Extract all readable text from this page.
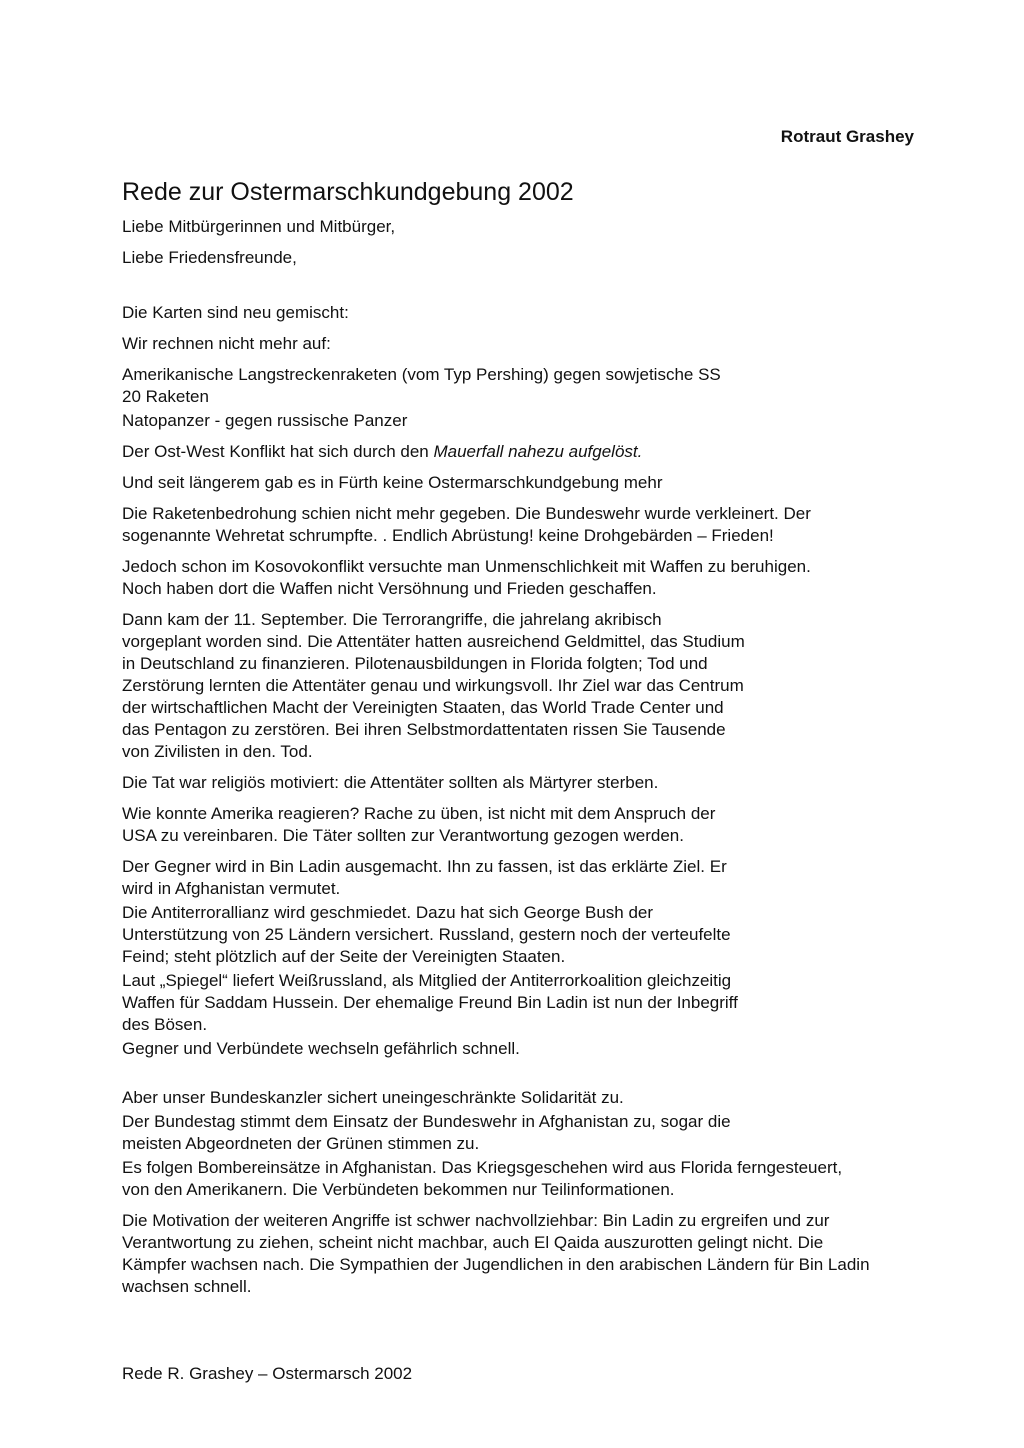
Rotraut Grashey

Rede zur Ostermarschkundgebung 2002

Liebe Mitbürgerinnen und Mitbürger,

Liebe Friedensfreunde,

Die Karten sind neu gemischt:

Wir rechnen nicht mehr auf:

Amerikanische Langstreckenraketen (vom Typ Pershing) gegen sowjetische SS
20 Raketen

Natopanzer - gegen russische Panzer

Der Ost-West Konflikt hat sich durch den Mauerfall nahezu aufgelöst.

Und seit längerem gab es in Fürth keine Ostermarschkundgebung mehr

Die Raketenbedrohung schien nicht mehr gegeben. Die Bundeswehr wurde verkleinert. Der
sogenannte Wehretat schrumpfte. . Endlich Abrüstung! keine Drohgebärden – Frieden!

Jedoch schon im Kosovokonflikt versuchte man Unmenschlichkeit mit Waffen zu beruhigen.
Noch haben dort die Waffen nicht Versöhnung und Frieden geschaffen.

Dann kam der 11. September. Die Terrorangriffe, die jahrelang akribisch
vorgeplant worden sind. Die Attentäter hatten ausreichend Geldmittel, das Studium
in Deutschland zu finanzieren. Pilotenausbildungen in Florida folgten; Tod und
Zerstörung lernten die Attentäter genau und wirkungsvoll. Ihr Ziel war das Centrum
der wirtschaftlichen Macht der Vereinigten Staaten, das World Trade Center und
das Pentagon zu zerstören. Bei ihren Selbstmordattentaten rissen Sie Tausende
von Zivilisten in den. Tod.

Die Tat war religiös motiviert: die Attentäter sollten als Märtyrer sterben.

Wie konnte Amerika reagieren? Rache zu üben, ist nicht mit dem Anspruch der
USA zu vereinbaren. Die Täter sollten zur Verantwortung gezogen werden.

Der Gegner wird in Bin Ladin ausgemacht. Ihn zu fassen, ist das erklärte Ziel. Er
wird in Afghanistan vermutet.

Die Antiterrorallianz wird geschmiedet. Dazu hat sich George Bush der
Unterstützung von 25 Ländern versichert. Russland, gestern noch der verteufelte
Feind; steht plötzlich auf der Seite der Vereinigten Staaten.

Laut „Spiegel“ liefert Weißrussland, als Mitglied der Antiterrorkoalition gleichzeitig
Waffen für Saddam Hussein. Der ehemalige Freund Bin Ladin ist nun der Inbegriff
des Bösen.

Gegner und Verbündete wechseln gefährlich schnell.

Aber unser Bundeskanzler sichert uneingeschränkte Solidarität zu.

Der Bundestag stimmt dem Einsatz der Bundeswehr in Afghanistan zu, sogar die
meisten Abgeordneten der Grünen stimmen zu.

Es folgen Bombereinsätze in Afghanistan. Das Kriegsgeschehen wird aus Florida ferngesteuert,
von den Amerikanern. Die Verbündeten bekommen nur Teilinformationen.

Die Motivation der weiteren Angriffe ist schwer nachvollziehbar: Bin Ladin zu ergreifen und zur
Verantwortung zu ziehen, scheint nicht machbar, auch El Qaida auszurotten gelingt nicht. Die
Kämpfer wachsen nach. Die Sympathien der Jugendlichen in den arabischen Ländern für Bin Ladin
wachsen schnell.

Rede R. Grashey – Ostermarsch 2002
